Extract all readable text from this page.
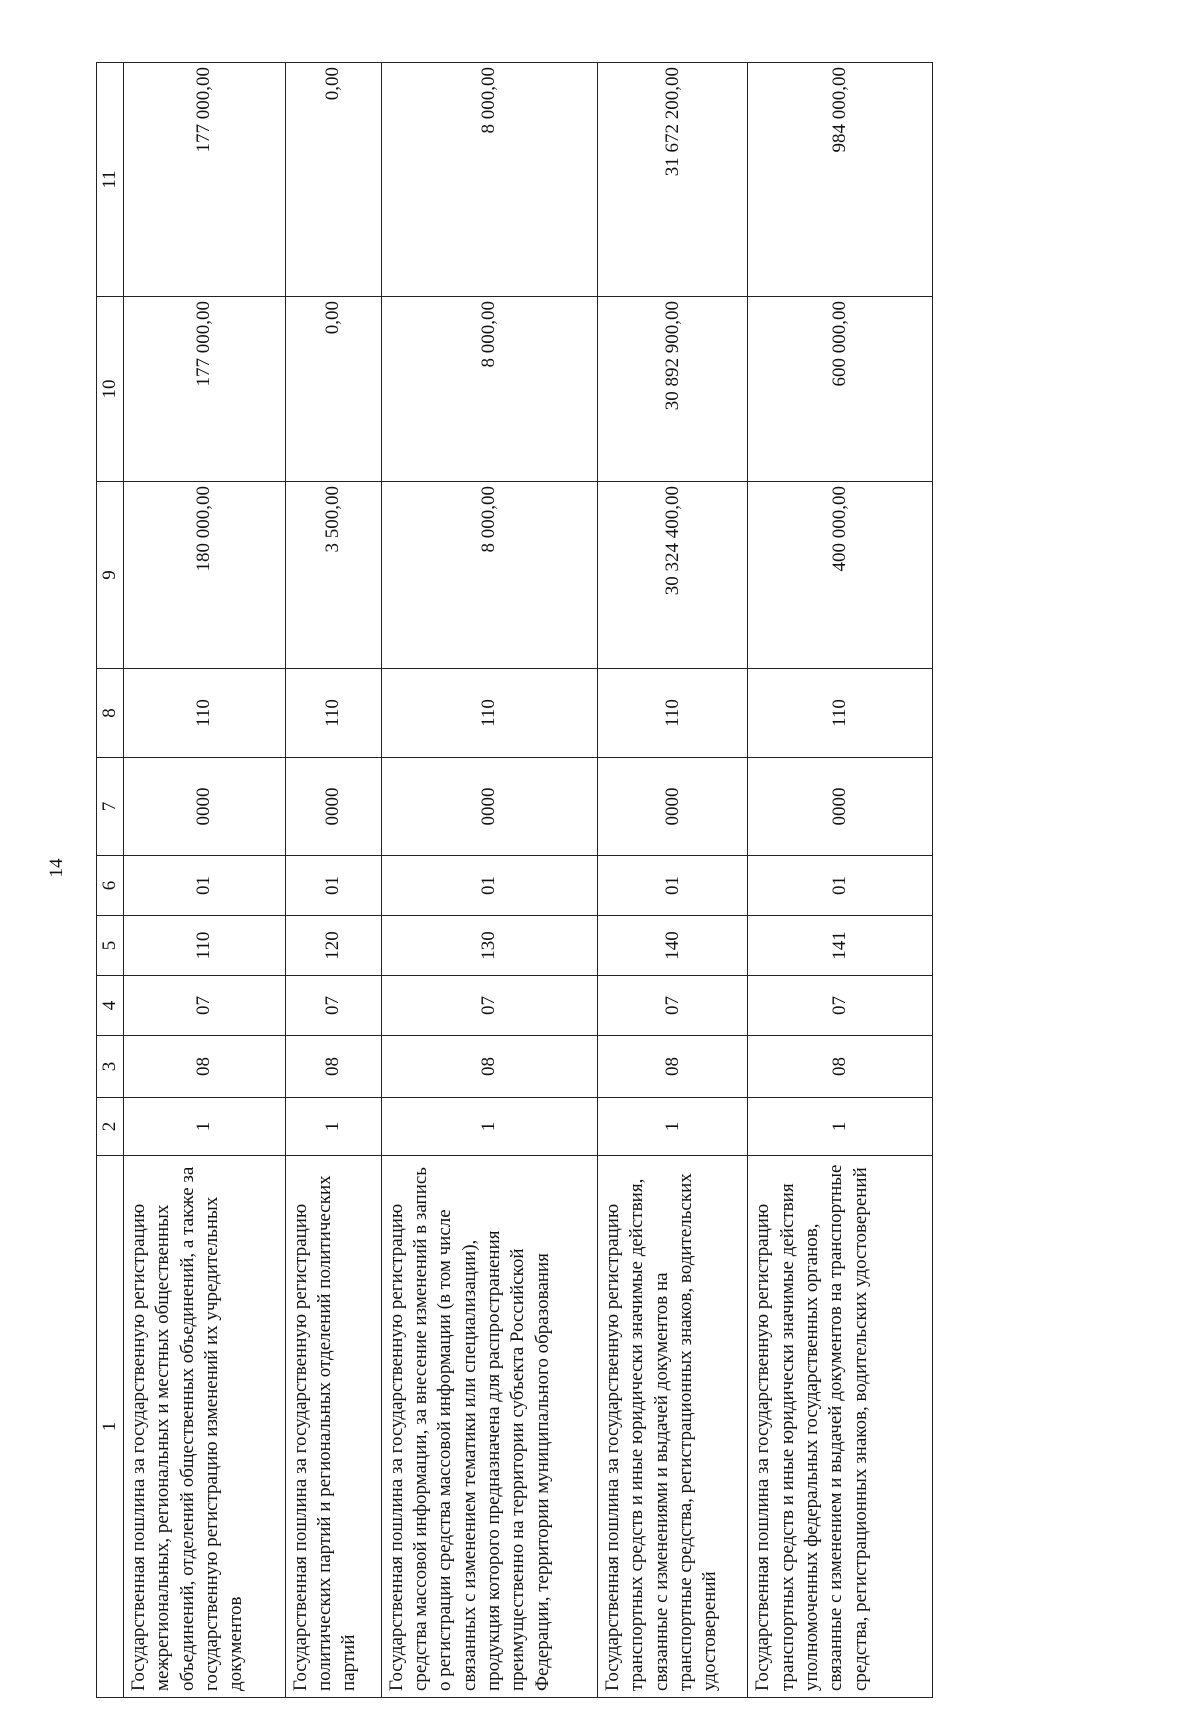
14
1	2	3	4	5	6	7	8	9	10	11
Государственная пошлина за государственную регистрацию межрегиональных, региональных и местных общественных объединений, отделений общественных объединений, а также за государственную регистрацию изменений их учредительных документов	1	08	07	110	01	0000	110	180 000,00	177 000,00	177 000,00
Государственная пошлина за государственную регистрацию политических партий и региональных отделений политических партий	1	08	07	120	01	0000	110	3 500,00	0,00	0,00
Государственная пошлина за государственную регистрацию средства массовой информации, за внесение изменений в запись о регистрации средства массовой информации (в том числе связанных с изменением тематики или специализации), продукция которого предназначена для распространения преимущественно на территории субъекта Российской Федерации, территории муниципального образования	1	08	07	130	01	0000	110	8 000,00	8 000,00	8 000,00
Государственная пошлина за государственную регистрацию транспортных средств и иные юридически значимые действия, связанные с изменениями и выдачей документов на транспортные средства, регистрационных знаков, водительских удостоверений	1	08	07	140	01	0000	110	30 324 400,00	30 892 900,00	31 672 200,00
Государственная пошлина за государственную регистрацию транспортных средств и иные юридически значимые действия уполномоченных федеральных государственных органов, связанные с изменением и выдачей документов на транспортные средства, регистрационных знаков, водительских удостоверений	1	08	07	141	01	0000	110	400 000,00	600 000,00	984 000,00
